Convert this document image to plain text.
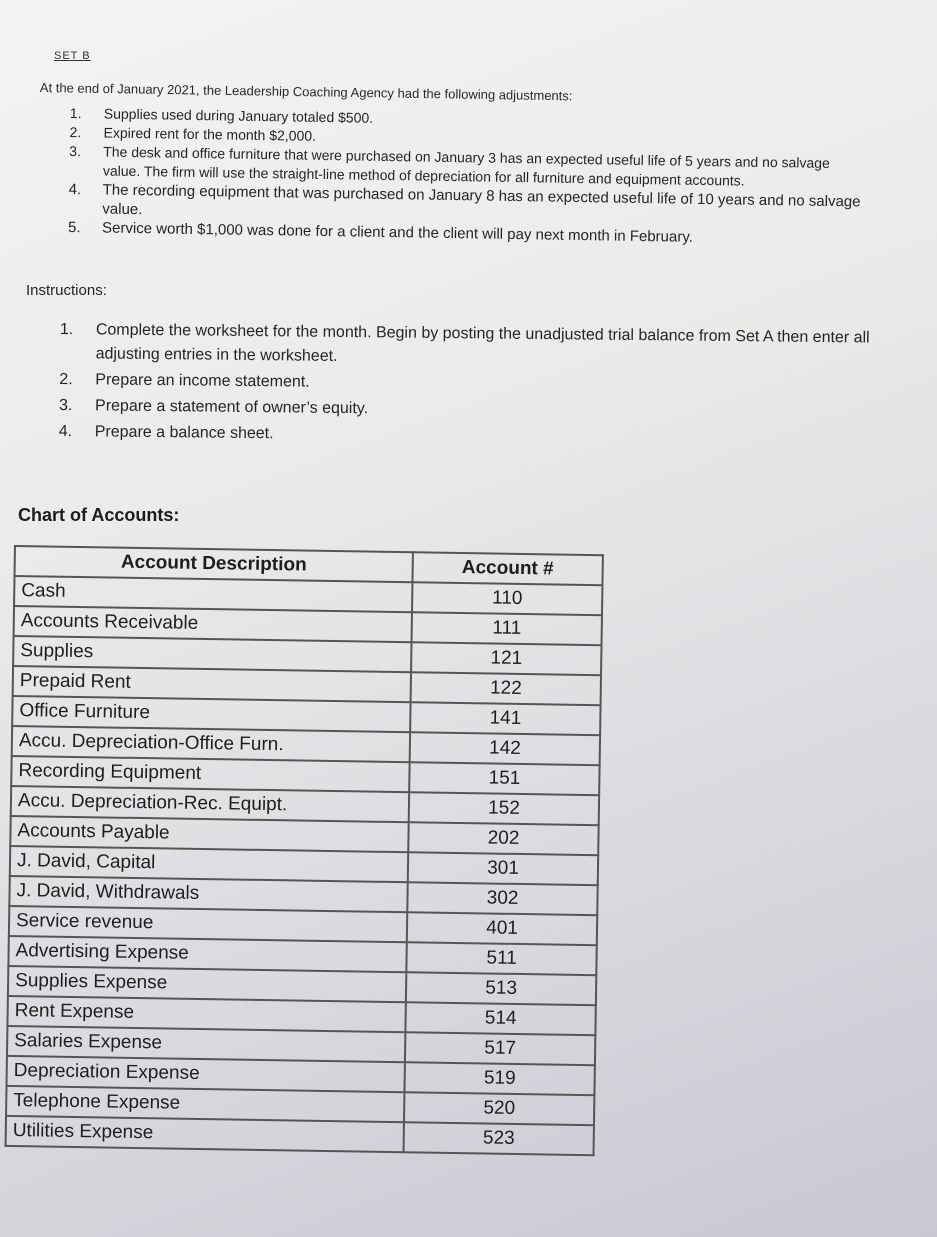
SET B
At the end of January 2021, the Leadership Coaching Agency had the following adjustments:
1.	Supplies used during January totaled $500.
2.	Expired rent for the month $2,000.
3.	The desk and office furniture that were purchased on January 3 has an expected useful life of 5 years and no salvage value. The firm will use the straight-line method of depreciation for all furniture and equipment accounts.
4.	The recording equipment that was purchased on January 8 has an expected useful life of 10 years and no salvage value.
5.	Service worth $1,000 was done for a client and the client will pay next month in February.
Instructions:
1.	Complete the worksheet for the month. Begin by posting the unadjusted trial balance from Set A then enter all adjusting entries in the worksheet.
2.	Prepare an income statement.
3.	Prepare a statement of owner’s equity.
4.	Prepare a balance sheet.
Chart of Accounts:
Account Description	Account #
Cash	110
Accounts Receivable	111
Supplies	121
Prepaid Rent	122
Office Furniture	141
Accu. Depreciation-Office Furn.	142
Recording Equipment	151
Accu. Depreciation-Rec. Equipt.	152
Accounts Payable	202
J. David, Capital	301
J. David, Withdrawals	302
Service revenue	401
Advertising Expense	511
Supplies Expense	513
Rent Expense	514
Salaries Expense	517
Depreciation Expense	519
Telephone Expense	520
Utilities Expense	523
